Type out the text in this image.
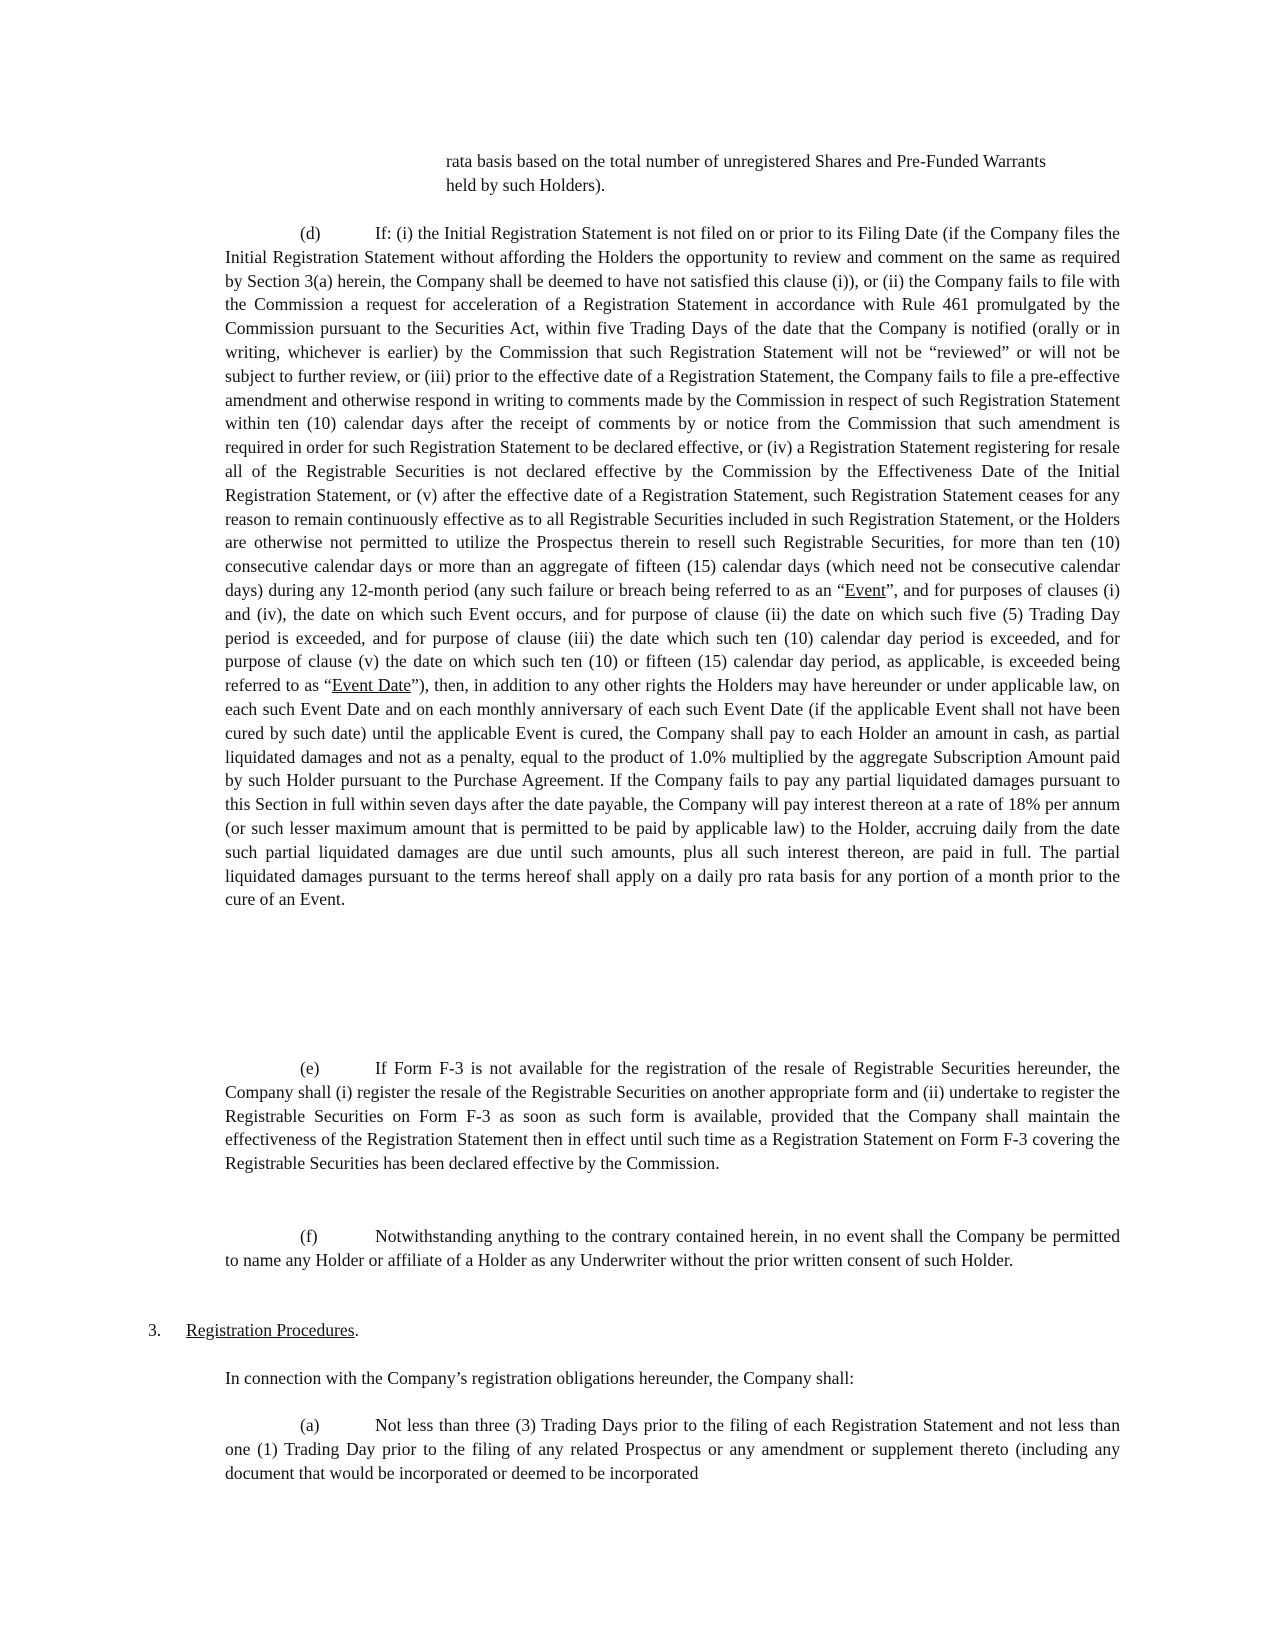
rata basis based on the total number of unregistered Shares and Pre-Funded Warrants held by such Holders).

(d)	If: (i) the Initial Registration Statement is not filed on or prior to its Filing Date (if the Company files the Initial Registration Statement without affording the Holders the opportunity to review and comment on the same as required by Section 3(a) herein, the Company shall be deemed to have not satisfied this clause (i)), or (ii) the Company fails to file with the Commission a request for acceleration of a Registration Statement in accordance with Rule 461 promulgated by the Commission pursuant to the Securities Act, within five Trading Days of the date that the Company is notified (orally or in writing, whichever is earlier) by the Commission that such Registration Statement will not be “reviewed” or will not be subject to further review, or (iii) prior to the effective date of a Registration Statement, the Company fails to file a pre-effective amendment and otherwise respond in writing to comments made by the Commission in respect of such Registration Statement within ten (10) calendar days after the receipt of comments by or notice from the Commission that such amendment is required in order for such Registration Statement to be declared effective, or (iv) a Registration Statement registering for resale all of the Registrable Securities is not declared effective by the Commission by the Effectiveness Date of the Initial Registration Statement, or (v) after the effective date of a Registration Statement, such Registration Statement ceases for any reason to remain continuously effective as to all Registrable Securities included in such Registration Statement, or the Holders are otherwise not permitted to utilize the Prospectus therein to resell such Registrable Securities, for more than ten (10) consecutive calendar days or more than an aggregate of fifteen (15) calendar days (which need not be consecutive calendar days) during any 12-month period (any such failure or breach being referred to as an “Event”, and for purposes of clauses (i) and (iv), the date on which such Event occurs, and for purpose of clause (ii) the date on which such five (5) Trading Day period is exceeded, and for purpose of clause (iii) the date which such ten (10) calendar day period is exceeded, and for purpose of clause (v) the date on which such ten (10) or fifteen (15) calendar day period, as applicable, is exceeded being referred to as “Event Date”), then, in addition to any other rights the Holders may have hereunder or under applicable law, on each such Event Date and on each monthly anniversary of each such Event Date (if the applicable Event shall not have been cured by such date) until the applicable Event is cured, the Company shall pay to each Holder an amount in cash, as partial liquidated damages and not as a penalty, equal to the product of 1.0% multiplied by the aggregate Subscription Amount paid by such Holder pursuant to the Purchase Agreement. If the Company fails to pay any partial liquidated damages pursuant to this Section in full within seven days after the date payable, the Company will pay interest thereon at a rate of 18% per annum (or such lesser maximum amount that is permitted to be paid by applicable law) to the Holder, accruing daily from the date such partial liquidated damages are due until such amounts, plus all such interest thereon, are paid in full. The partial liquidated damages pursuant to the terms hereof shall apply on a daily pro rata basis for any portion of a month prior to the cure of an Event.

(e)	If Form F-3 is not available for the registration of the resale of Registrable Securities hereunder, the Company shall (i) register the resale of the Registrable Securities on another appropriate form and (ii) undertake to register the Registrable Securities on Form F-3 as soon as such form is available, provided that the Company shall maintain the effectiveness of the Registration Statement then in effect until such time as a Registration Statement on Form F-3 covering the Registrable Securities has been declared effective by the Commission.

(f)	Notwithstanding anything to the contrary contained herein, in no event shall the Company be permitted to name any Holder or affiliate of a Holder as any Underwriter without the prior written consent of such Holder.

3. Registration Procedures.
In connection with the Company’s registration obligations hereunder, the Company shall:

(a)	Not less than three (3) Trading Days prior to the filing of each Registration Statement and not less than one (1) Trading Day prior to the filing of any related Prospectus or any amendment or supplement thereto (including any document that would be incorporated or deemed to be incorporated
